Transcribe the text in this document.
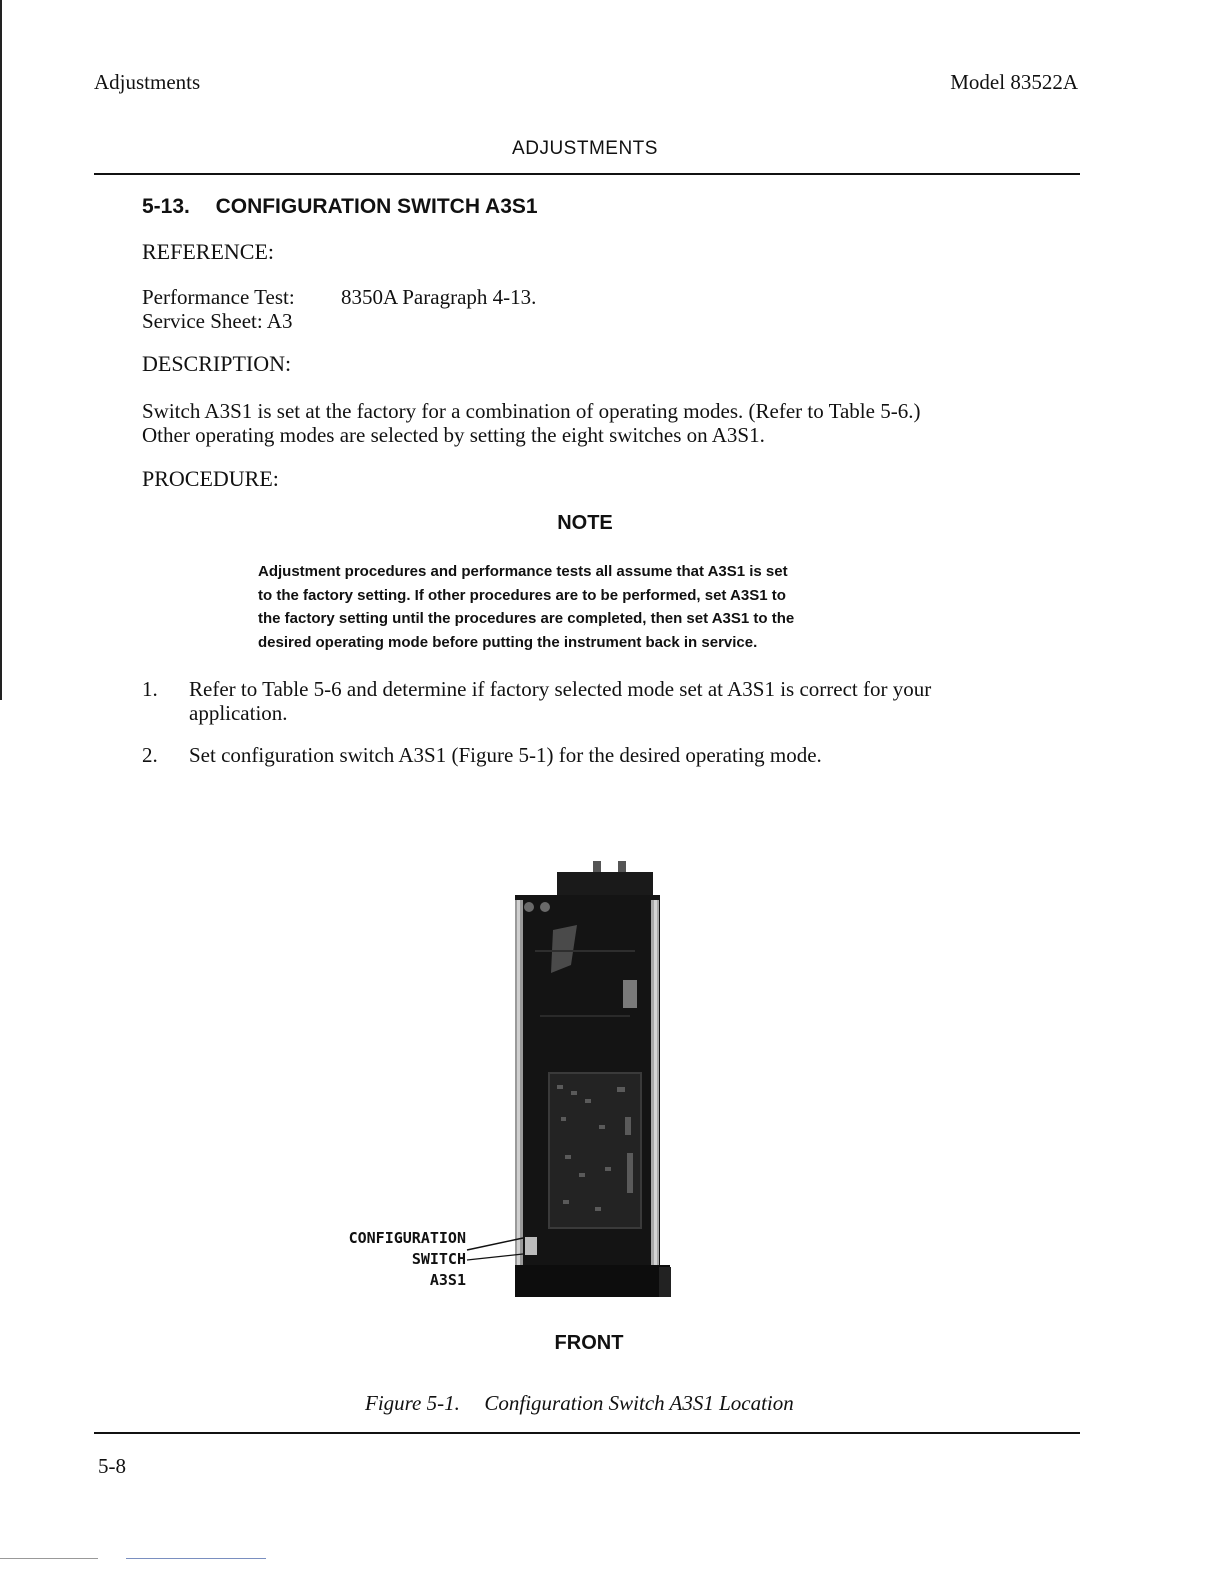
Adjustments	Model 83522A
ADJUSTMENTS
5-13. CONFIGURATION SWITCH A3S1
REFERENCE:
Performance Test: 8350A Paragraph 4-13.
Service Sheet: A3
DESCRIPTION:
Switch A3S1 is set at the factory for a combination of operating modes. (Refer to Table 5-6.)
Other operating modes are selected by setting the eight switches on A3S1.
PROCEDURE:
NOTE
Adjustment procedures and performance tests all assume that A3S1 is set
to the factory setting. If other procedures are to be performed, set A3S1 to
the factory setting until the procedures are completed, then set A3S1 to the
desired operating mode before putting the instrument back in service.
1.	Refer to Table 5-6 and determine if factory selected mode set at A3S1 is correct for your
application.
2.	Set configuration switch A3S1 (Figure 5-1) for the desired operating mode.
CONFIGURATION
SWITCH
A3S1
FRONT
Figure 5-1. Configuration Switch A3S1 Location
5-8
